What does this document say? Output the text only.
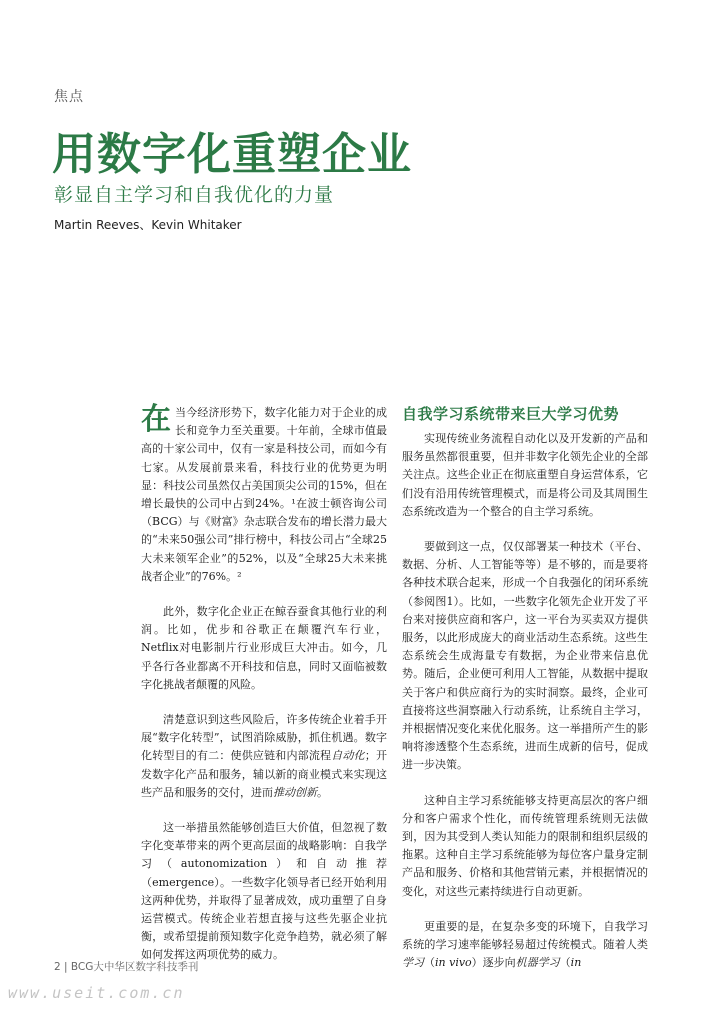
焦点
用数字化重塑企业
彰显自主学习和自我优化的力量
Martin Reeves、Kevin Whitaker

在当今经济形势下，数字化能力对于企业的成长和竞争力至关重要。十年前，全球市值最高的十家公司中，仅有一家是科技公司，而如今有七家。从发展前景来看，科技行业的优势更为明显：科技公司虽然仅占美国顶尖公司的15%，但在增长最快的公司中占到24%。¹在波士顿咨询公司（BCG）与《财富》杂志联合发布的增长潜力最大的“未来50强公司”排行榜中，科技公司占“全球25大未来领军企业”的52%，以及“全球25大未来挑战者企业”的76%。²

此外，数字化企业正在鲸吞蚕食其他行业的利润。比如，优步和谷歌正在颠覆汽车行业，Netflix对电影制片行业形成巨大冲击。如今，几乎各行各业都离不开科技和信息，同时又面临被数字化挑战者颠覆的风险。

清楚意识到这些风险后，许多传统企业着手开展“数字化转型”，试图消除威胁，抓住机遇。数字化转型目的有二：使供应链和内部流程自动化；开发数字化产品和服务，辅以新的商业模式来实现这些产品和服务的交付，进而推动创新。

这一举措虽然能够创造巨大价值，但忽视了数字化变革带来的两个更高层面的战略影响：自我学习（autonomization）和自动推荐（emergence）。一些数字化领导者已经开始利用这两种优势，并取得了显著成效，成功重塑了自身运营模式。传统企业若想直接与这些先驱企业抗衡，或希望提前预知数字化竞争趋势，就必须了解如何发挥这两项优势的威力。

自我学习系统带来巨大学习优势

实现传统业务流程自动化以及开发新的产品和服务虽然都很重要，但并非数字化领先企业的全部关注点。这些企业正在彻底重塑自身运营体系，它们没有沿用传统管理模式，而是将公司及其周围生态系统改造为一个整合的自主学习系统。

要做到这一点，仅仅部署某一种技术（平台、数据、分析、人工智能等等）是不够的，而是要将各种技术联合起来，形成一个自我强化的闭环系统（参阅图1）。比如，一些数字化领先企业开发了平台来对接供应商和客户，这一平台为买卖双方提供服务，以此形成庞大的商业活动生态系统。这些生态系统会生成海量专有数据，为企业带来信息优势。随后，企业便可利用人工智能，从数据中提取关于客户和供应商行为的实时洞察。最终，企业可直接将这些洞察融入行动系统，让系统自主学习，并根据情况变化来优化服务。这一举措所产生的影响将渗透整个生态系统，进而生成新的信号，促成进一步决策。

这种自主学习系统能够支持更高层次的客户细分和客户需求个性化，而传统管理系统则无法做到，因为其受到人类认知能力的限制和组织层级的拖累。这种自主学习系统能够为每位客户量身定制产品和服务、价格和其他营销元素，并根据情况的变化，对这些元素持续进行自动更新。

更重要的是，在复杂多变的环境下，自我学习系统的学习速率能够轻易超过传统模式。随着人类学习（in vivo）逐步向机器学习（in

2 | BCG大中华区数字科技季刊
www.useit.com.cn
